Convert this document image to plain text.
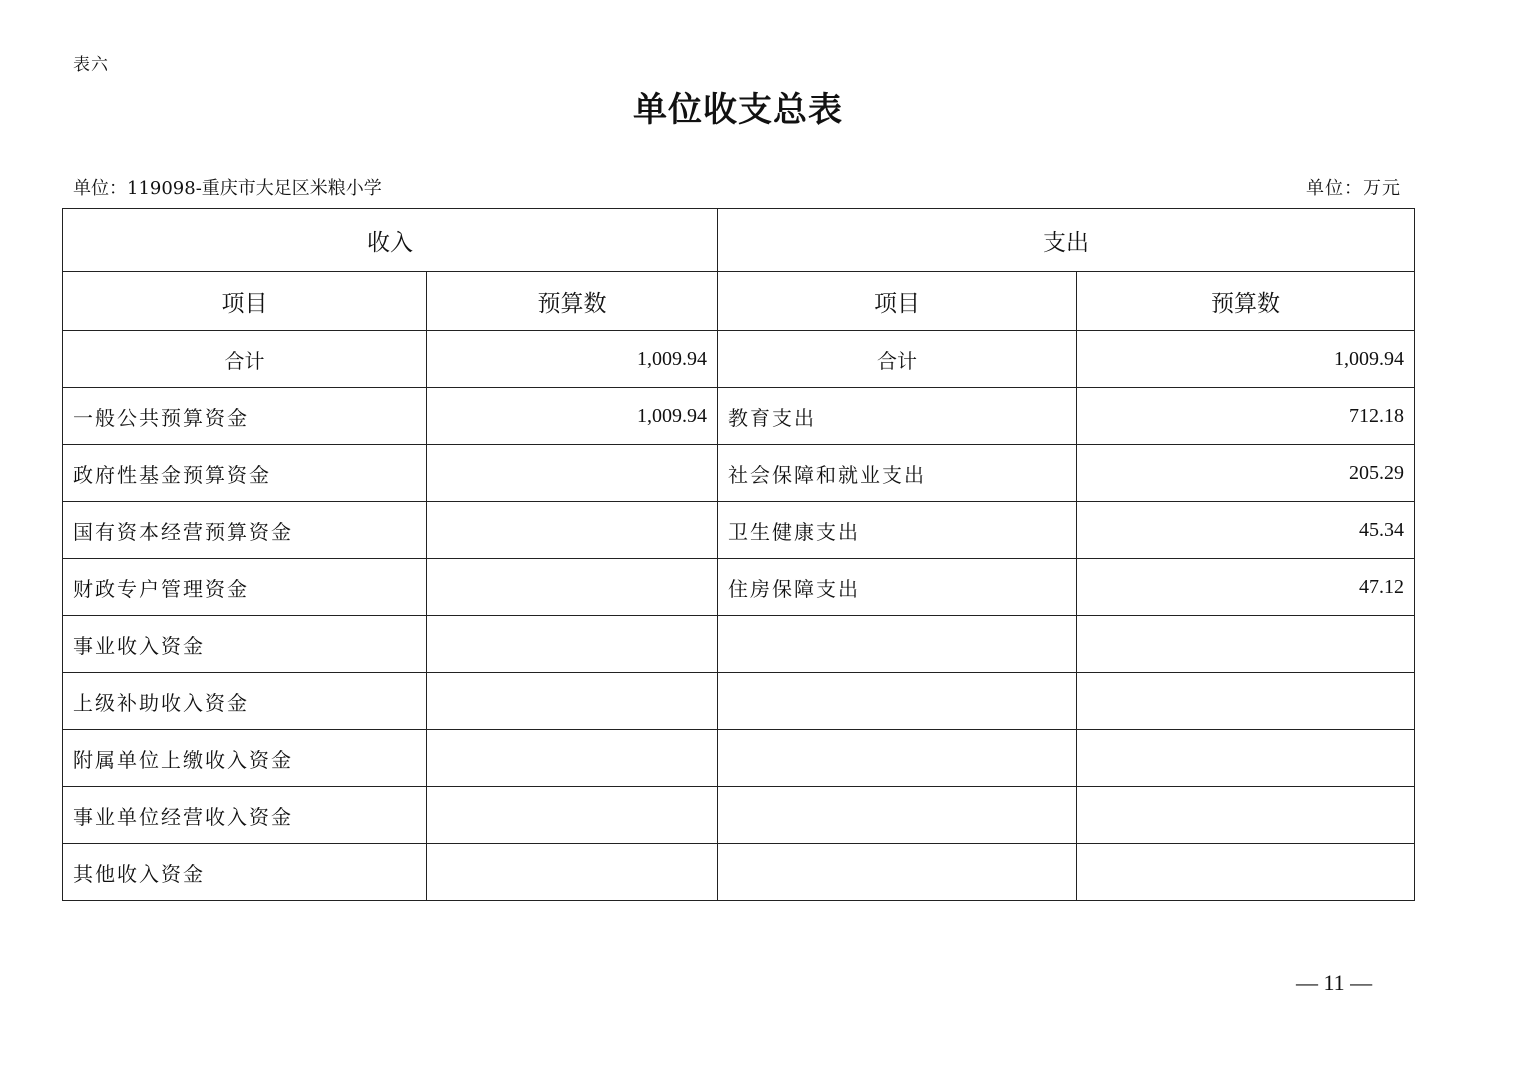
表六
单位收支总表
单位：119098-重庆市大足区米粮小学	单位：万元
收入		支出	
项目	预算数	项目	预算数
合计	1,009.94	合计	1,009.94
一般公共预算资金	1,009.94	教育支出	712.18
政府性基金预算资金		社会保障和就业支出	205.29
国有资本经营预算资金		卫生健康支出	45.34
财政专户管理资金		住房保障支出	47.12
事业收入资金			
上级补助收入资金			
附属单位上缴收入资金			
事业单位经营收入资金			
其他收入资金			
— 11 —
